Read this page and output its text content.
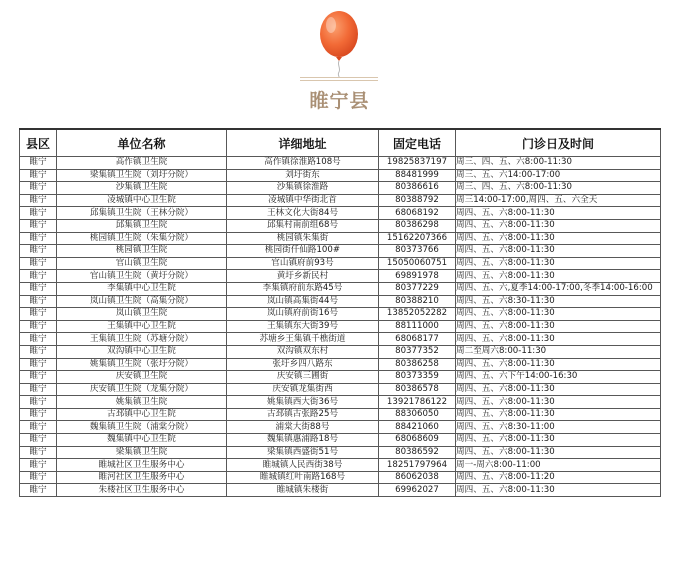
睢宁县
县区	单位名称	详细地址	固定电话	门诊日及时间
睢宁	高作镇卫生院	高作镇徐淮路108号	19825837197	周三、四、五、六8:00-11:30
睢宁	梁集镇卫生院（刘圩分院）	刘圩街东	88481999	周三、五、六14:00-17:00
睢宁	沙集镇卫生院	沙集镇徐淮路	80386616	周三、四、五、六8:00-11:30
睢宁	凌城镇中心卫生院	凌城镇中华街北首	80388792	周三14:00-17:00,周四、五、六全天
睢宁	邱集镇卫生院（王林分院）	王林文化大街84号	68068192	周四、五、六8:00-11:30
睢宁	邱集镇卫生院	邱集村南前组68号	80386298	周四、五、六8:00-11:30
睢宁	桃园镇卫生院（朱集分院）	桃园镇朱集街	15162207366	周四、五、六8:00-11:30
睢宁	桃园镇卫生院	桃园街仟仙路100#	80373766	周四、五、六8:00-11:30
睢宁	官山镇卫生院	官山镇府前93号	15050060751	周四、五、六8:00-11:30
睢宁	官山镇卫生院（黄圩分院）	黄圩乡新民村	69891978	周四、五、六8:00-11:30
睢宁	李集镇中心卫生院	李集镇府前东路45号	80377229	周四、五、六,夏季14:00-17:00,冬季14:00-16:00
睢宁	岚山镇卫生院（高集分院）	岚山镇高集街44号	80388210	周四、五、六8:30-11:30
睢宁	岚山镇卫生院	岚山镇府前街16号	13852052282	周四、五、六8:00-11:30
睢宁	王集镇中心卫生院	王集镇东大街39号	88111000	周四、五、六8:00-11:30
睢宁	王集镇卫生院（苏塘分院）	苏塘乡王集镇千樵街道	68068177	周四、五、六8:00-11:30
睢宁	双沟镇中心卫生院	双沟镇双东村	80377352	周二至周六8:00-11:30
睢宁	姚集镇卫生院（张圩分院）	张圩乡四八路东	80386258	周四、五、六8:00-11:30
睢宁	庆安镇卫生院	庆安镇三圃街	80373359	周四、五、六下午14:00-16:30
睢宁	庆安镇卫生院（龙集分院）	庆安镇龙集街西	80386578	周四、五、六8:00-11:30
睢宁	姚集镇卫生院	姚集镇西大街36号	13921786122	周四、五、六8:00-11:30
睢宁	古邳镇中心卫生院	古邳镇古张路25号	88306050	周四、五、六8:00-11:30
睢宁	魏集镇卫生院（浦棠分院）	浦棠大街88号	88421060	周四、五、六8:30-11:00
睢宁	魏集镇中心卫生院	魏集镇惠浦路18号	68068609	周四、五、六8:00-11:30
睢宁	梁集镇卫生院	梁集镇西盛街51号	80386592	周四、五、六8:00-11:30
睢宁	睢城社区卫生服务中心	睢城镇人民西街38号	18251797964	周一-周六8:00-11:00
睢宁	睢河社区卫生服务中心	睢城镇红叶南路168号	86062038	周四、五、六8:00-11:20
睢宁	朱楼社区卫生服务中心	睢城镇朱楼街	69962027	周四、五、六8:00-11:30
